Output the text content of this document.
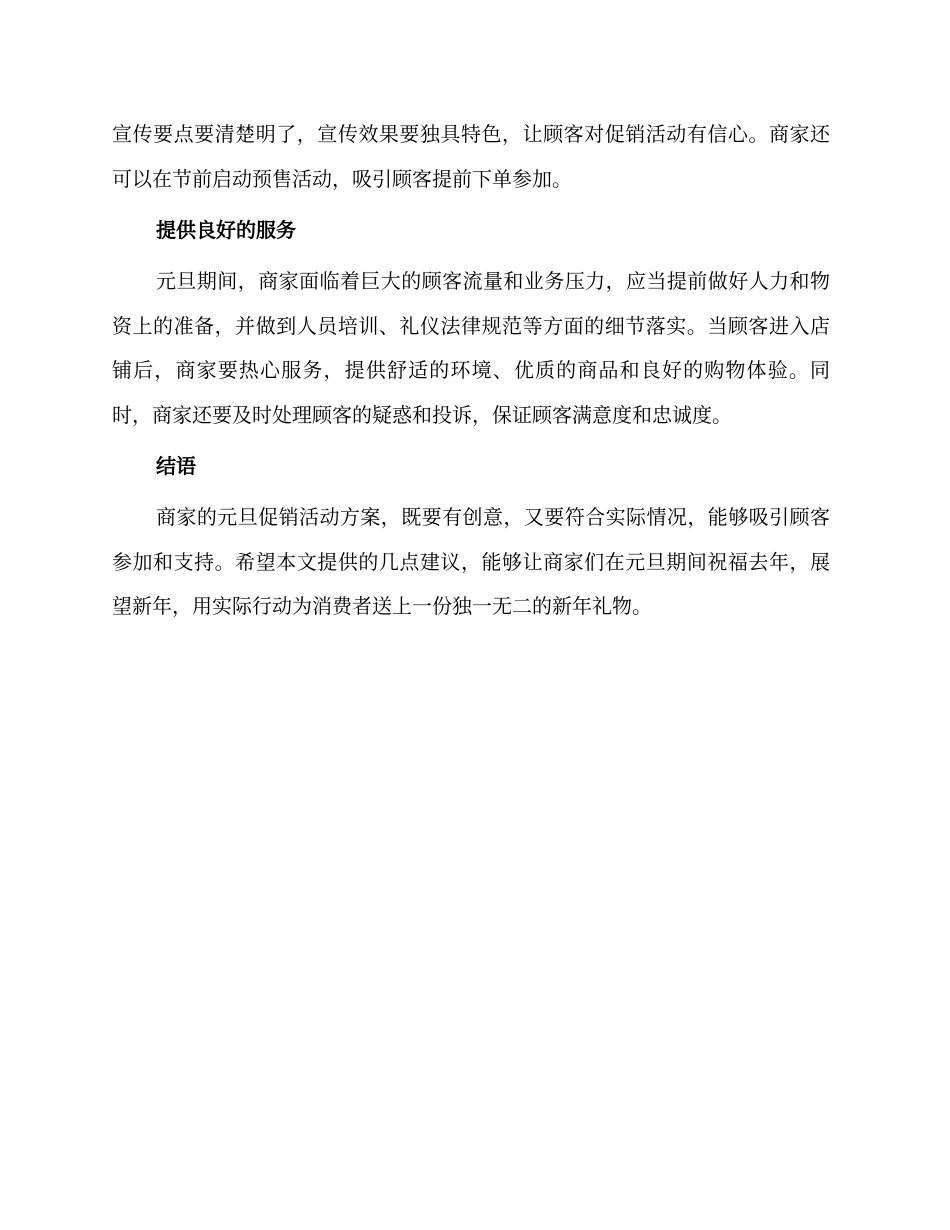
宣传要点要清楚明了，宣传效果要独具特色，让顾客对促销活动有信心。商家还可以在节前启动预售活动，吸引顾客提前下单参加。

提供良好的服务

元旦期间，商家面临着巨大的顾客流量和业务压力，应当提前做好人力和物资上的准备，并做到人员培训、礼仪法律规范等方面的细节落实。当顾客进入店铺后，商家要热心服务，提供舒适的环境、优质的商品和良好的购物体验。同时，商家还要及时处理顾客的疑惑和投诉，保证顾客满意度和忠诚度。

结语

商家的元旦促销活动方案，既要有创意，又要符合实际情况，能够吸引顾客参加和支持。希望本文提供的几点建议，能够让商家们在元旦期间祝福去年，展望新年，用实际行动为消费者送上一份独一无二的新年礼物。
